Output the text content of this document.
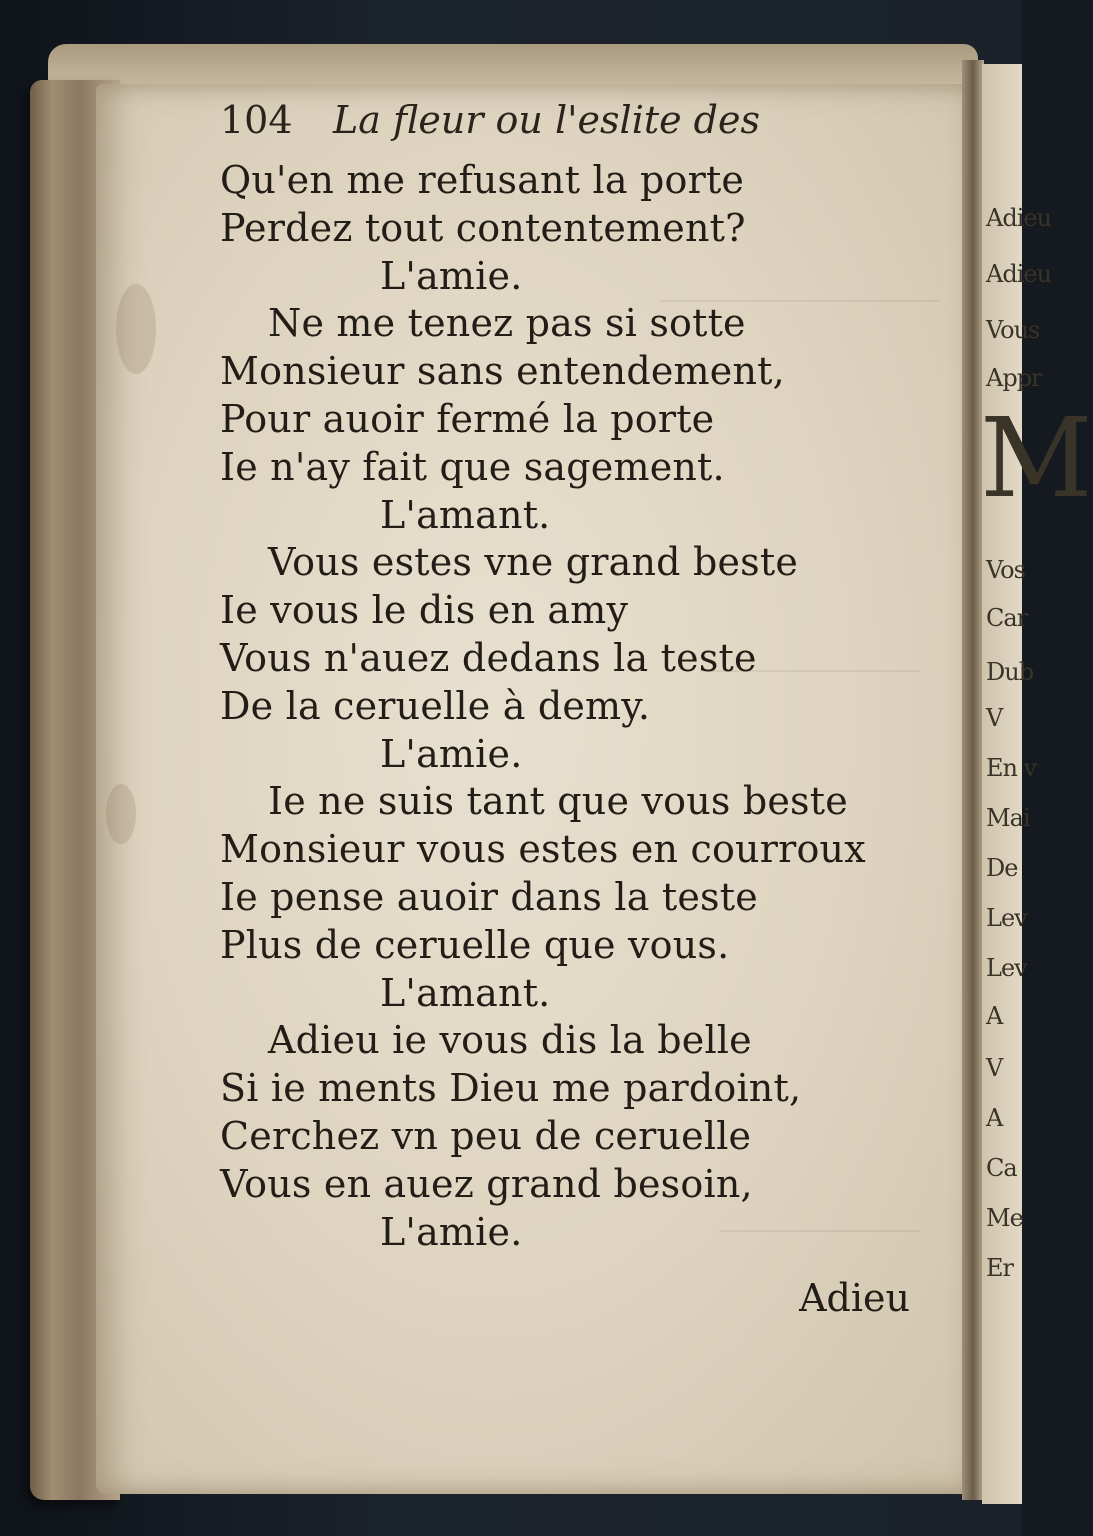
M
Adieu
Adieu
Vous
Appr
Vos
Car
Dub
V
En v
Mai
De
Lev
Lev
A
V
A
Ca
Me
Er
104 La fleur ou l'eslite des
Qu'en me refusant la porte
Perdez tout contentement?
L'amie.
Ne me tenez pas si sotte
Monsieur sans entendement,
Pour auoir fermé la porte
Ie n'ay fait que sagement.
L'amant.
Vous estes vne grand beste
Ie vous le dis en amy
Vous n'auez dedans la teste
De la ceruelle à demy.
L'amie.
Ie ne suis tant que vous beste
Monsieur vous estes en courroux
Ie pense auoir dans la teste
Plus de ceruelle que vous.
L'amant.
Adieu ie vous dis la belle
Si ie ments Dieu me pardoint,
Cerchez vn peu de ceruelle
Vous en auez grand besoin,
L'amie.
Adieu
